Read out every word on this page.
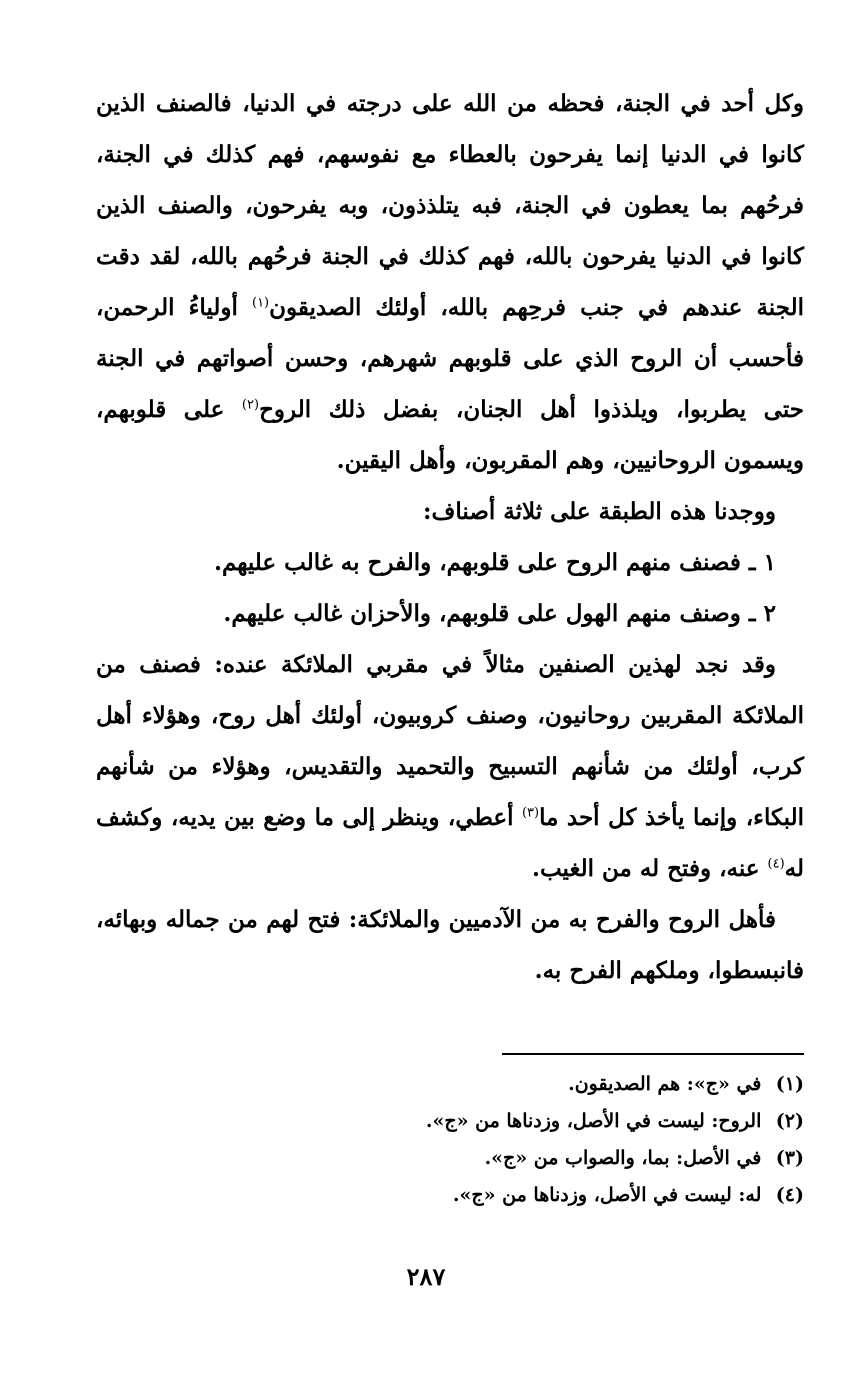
وكل أحد في الجنة، فحظه من الله على درجته في الدنيا، فالصنف الذين كانوا في الدنيا إنما يفرحون بالعطاء مع نفوسهم، فهم كذلك في الجنة، فرحُهم بما يعطون في الجنة، فبه يتلذذون، وبه يفرحون، والصنف الذين كانوا في الدنيا يفرحون بالله، فهم كذلك في الجنة فرحُهم بالله، لقد دقت الجنة عندهم في جنب فرحِهم بالله، أولئك الصديقون$^{(١)}$ أولياءُ الرحمن، فأحسب أن الروح الذي على قلوبهم شهرهم، وحسن أصواتهم في الجنة حتى يطربوا، ويلذذوا أهل الجنان، بفضل ذلك الروح$^{(٢)}$ على قلوبهم، ويسمون الروحانيين، وهم المقربون، وأهل اليقين.

ووجدنا هذه الطبقة على ثلاثة أصناف:

١ ـ فصنف منهم الروح على قلوبهم، والفرح به غالب عليهم.

٢ ـ وصنف منهم الهول على قلوبهم، والأحزان غالب عليهم.

وقد نجد لهذين الصنفين مثالاً في مقربي الملائكة عنده: فصنف من الملائكة المقربين روحانيون، وصنف كروبيون، أولئك أهل روح، وهؤلاء أهل كرب، أولئك من شأنهم التسبيح والتحميد والتقديس، وهؤلاء من شأنهم البكاء، وإنما يأخذ كل أحد ما$^{(٣)}$ أعطي، وينظر إلى ما وضع بين يديه، وكشف له$^{(٤)}$ عنه، وفتح له من الغيب.

فأهل الروح والفرح به من الآدميين والملائكة: فتح لهم من جماله وبهائه، فانبسطوا، وملكهم الفرح به.

(١) في «ج»: هم الصديقون.

(٢) الروح: ليست في الأصل، وزدناها من «ج».

(٣) في الأصل: بما، والصواب من «ج».

(٤) له: ليست في الأصل، وزدناها من «ج».

٢٨٧
